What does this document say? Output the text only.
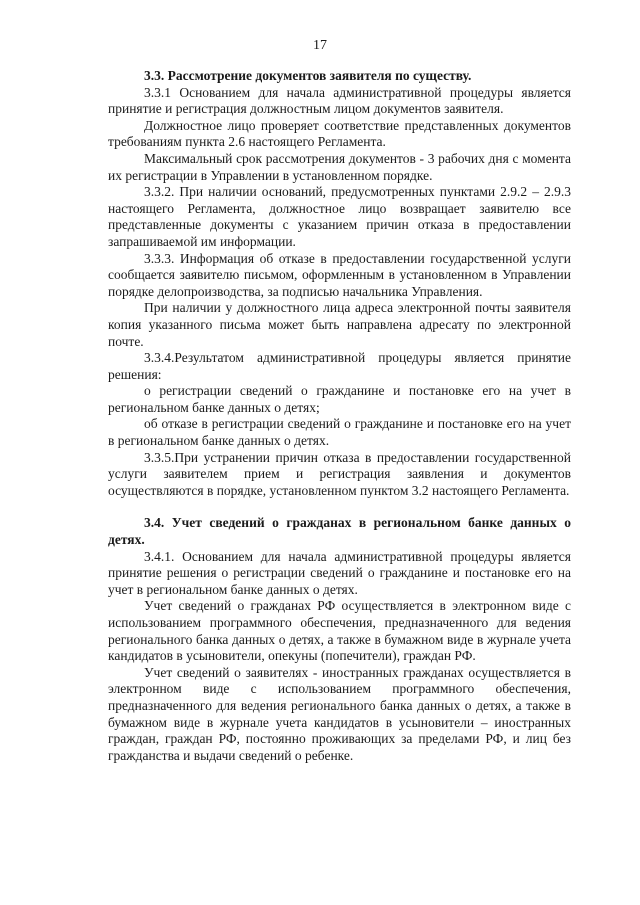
17

3.3. Рассмотрение документов заявителя по существу.

3.3.1 Основанием для начала административной процедуры является принятие и регистрация должностным лицом документов заявителя.

Должностное лицо проверяет соответствие представленных документов требованиям пункта 2.6 настоящего Регламента.

Максимальный срок рассмотрения документов - 3 рабочих дня с момента их регистрации в Управлении в установленном порядке.

3.3.2. При наличии оснований, предусмотренных пунктами 2.9.2 – 2.9.3 настоящего Регламента, должностное лицо возвращает заявителю все представленные документы с указанием причин отказа в предоставлении запрашиваемой им информации.

3.3.3. Информация об отказе в предоставлении государственной услуги сообщается заявителю письмом, оформленным в установленном в Управлении порядке делопроизводства, за подписью начальника Управления.

При наличии у должностного лица адреса электронной почты заявителя копия указанного письма может быть направлена адресату по электронной почте.

3.3.4.Результатом административной процедуры является принятие решения:

о регистрации сведений о гражданине и постановке его на учет в региональном банке данных о детях;

об отказе в регистрации сведений о гражданине и постановке его на учет в региональном банке данных о детях.

3.3.5.При устранении причин отказа в предоставлении государственной услуги заявителем прием и регистрация заявления и документов осуществляются в порядке, установленном пунктом 3.2 настоящего Регламента.

3.4. Учет сведений о гражданах в региональном банке данных о детях.

3.4.1. Основанием для начала административной процедуры является принятие решения о регистрации сведений о гражданине и постановке его на учет в региональном банке данных о детях.

Учет сведений о гражданах РФ осуществляется в электронном виде с использованием программного обеспечения, предназначенного для ведения регионального банка данных о детях, а также в бумажном виде в журнале учета кандидатов в усыновители, опекуны (попечители), граждан РФ.

Учет сведений о заявителях - иностранных гражданах осуществляется в электронном виде с использованием программного обеспечения, предназначенного для ведения регионального банка данных о детях, а также в бумажном виде в журнале учета кандидатов в усыновители – иностранных граждан, граждан РФ, постоянно проживающих за пределами РФ, и лиц без гражданства и выдачи сведений о ребенке.
